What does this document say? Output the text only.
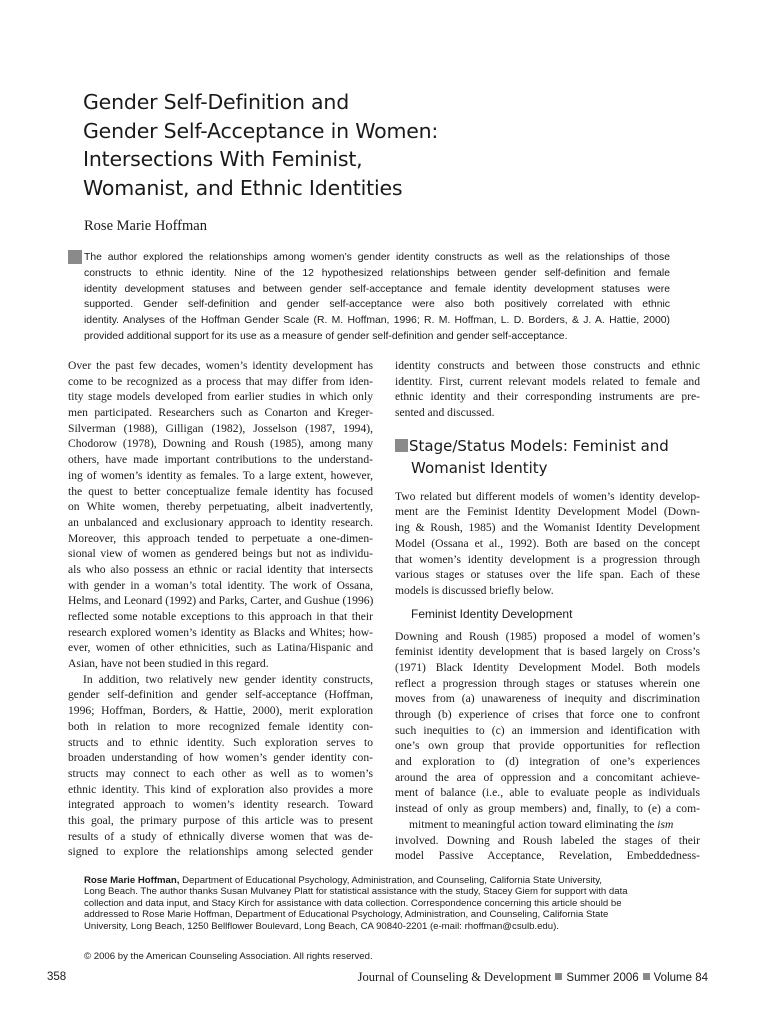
Gender Self-Definition and
Gender Self-Acceptance in Women:
Intersections With Feminist,
Womanist, and Ethnic Identities
Rose Marie Hoffman
The author explored the relationships among women’s gender identity constructs as well as the relationships of those
constructs to ethnic identity. Nine of the 12 hypothesized relationships between gender self-definition and female
identity development statuses and between gender self-acceptance and female identity development statuses were
supported. Gender self-definition and gender self-acceptance were also both positively correlated with ethnic
identity. Analyses of the Hoffman Gender Scale (R. M. Hoffman, 1996; R. M. Hoffman, L. D. Borders, & J. A. Hattie, 2000)
provided additional support for its use as a measure of gender self-definition and gender self-acceptance.
Over the past few decades, women’s identity development has
come to be recognized as a process that may differ from iden-
tity stage models developed from earlier studies in which only
men participated. Researchers such as Conarton and Kreger-
Silverman (1988), Gilligan (1982), Josselson (1987, 1994),
Chodorow (1978), Downing and Roush (1985), among many
others, have made important contributions to the understand-
ing of women’s identity as females. To a large extent, however,
the quest to better conceptualize female identity has focused
on White women, thereby perpetuating, albeit inadvertently,
an unbalanced and exclusionary approach to identity research.
Moreover, this approach tended to perpetuate a one-dimen-
sional view of women as gendered beings but not as individu-
als who also possess an ethnic or racial identity that intersects
with gender in a woman’s total identity. The work of Ossana,
Helms, and Leonard (1992) and Parks, Carter, and Gushue (1996)
reflected some notable exceptions to this approach in that their
research explored women’s identity as Blacks and Whites; how-
ever, women of other ethnicities, such as Latina/Hispanic and
Asian, have not been studied in this regard.
In addition, two relatively new gender identity constructs,
gender self-definition and gender self-acceptance (Hoffman,
1996; Hoffman, Borders, & Hattie, 2000), merit exploration
both in relation to more recognized female identity con-
structs and to ethnic identity. Such exploration serves to
broaden understanding of how women’s gender identity con-
structs may connect to each other as well as to women’s
ethnic identity. This kind of exploration also provides a more
integrated approach to women’s identity research. Toward
this goal, the primary purpose of this article was to present
results of a study of ethnically diverse women that was de-
signed to explore the relationships among selected gender
identity constructs and between those constructs and ethnic
identity. First, current relevant models related to female and
ethnic identity and their corresponding instruments are pre-
sented and discussed.
Stage/Status Models: Feminist and
Womanist Identity
Two related but different models of women’s identity develop-
ment are the Feminist Identity Development Model (Down-
ing & Roush, 1985) and the Womanist Identity Development
Model (Ossana et al., 1992). Both are based on the concept
that women’s identity development is a progression through
various stages or statuses over the life span. Each of these
models is discussed briefly below.
Feminist Identity Development
Downing and Roush (1985) proposed a model of women’s
feminist identity development that is based largely on Cross’s
(1971) Black Identity Development Model. Both models
reflect a progression through stages or statuses wherein one
moves from (a) unawareness of inequity and discrimination
through (b) experience of crises that force one to confront
such inequities to (c) an immersion and identification with
one’s own group that provide opportunities for reflection
and exploration to (d) integration of one’s experiences
around the area of oppression and a concomitant achieve-
ment of balance (i.e., able to evaluate people as individuals
instead of only as group members) and, finally, to (e) a com-
mitment to meaningful action toward eliminating the ism
involved. Downing and Roush labeled the stages of their
model Passive Acceptance, Revelation, Embeddedness-
Rose Marie Hoffman, Department of Educational Psychology, Administration, and Counseling, California State University,
Long Beach. The author thanks Susan Mulvaney Platt for statistical assistance with the study, Stacey Giem for support with data
collection and data input, and Stacy Kirch for assistance with data collection. Correspondence concerning this article should be
addressed to Rose Marie Hoffman, Department of Educational Psychology, Administration, and Counseling, California State
University, Long Beach, 1250 Bellflower Boulevard, Long Beach, CA 90840-2201 (e-mail: rhoffman@csulb.edu).
© 2006 by the American Counseling Association. All rights reserved.
358	Journal of Counseling & Development Summer 2006 Volume 84
